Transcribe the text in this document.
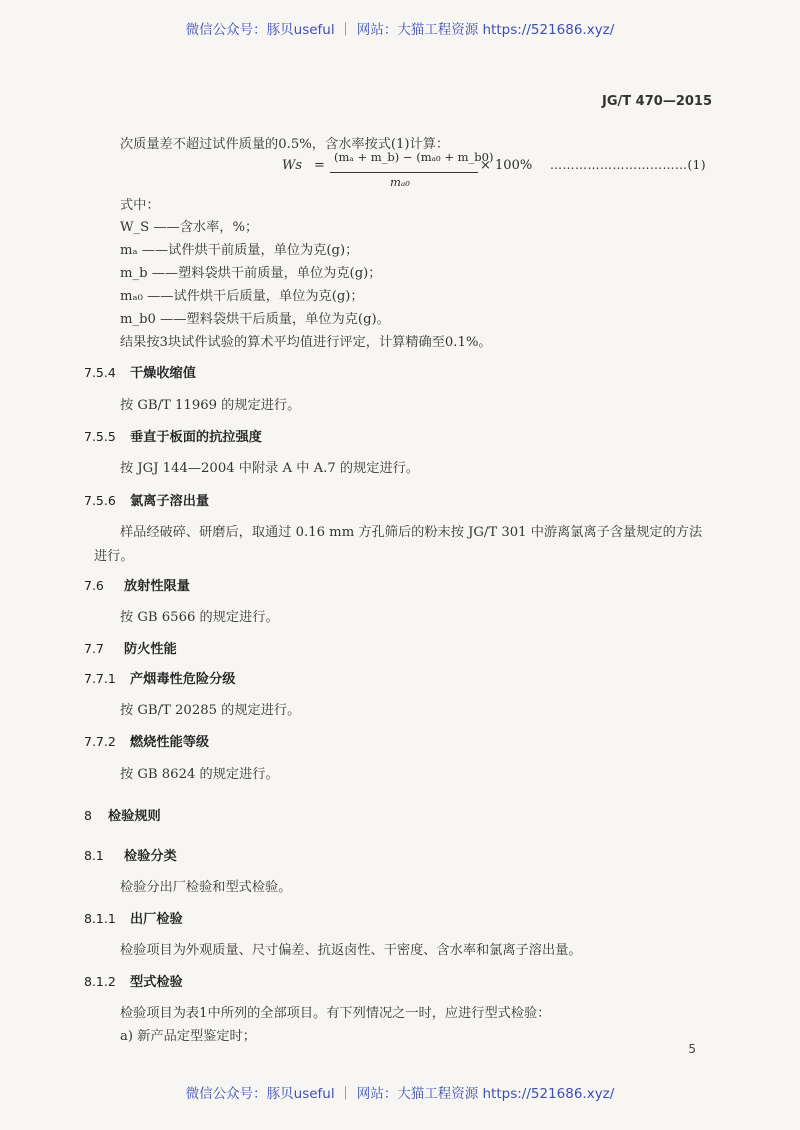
微信公众号：豚贝useful ｜ 网站：大猫工程资源 https://521686.xyz/
JG/T 470—2015
次质量差不超过试件质量的0.5%，含水率按式(1)计算：
Ws =
(mₐ + m_b) − (mₐ₀ + m_b0)
mₐ₀
× 100% ……………………………(1)
式中：
W_S ——含水率，%；
mₐ ——试件烘干前质量，单位为克(g)；
m_b ——塑料袋烘干前质量，单位为克(g)；
mₐ₀ ——试件烘干后质量，单位为克(g)；
m_b0 ——塑料袋烘干后质量，单位为克(g)。
结果按3块试件试验的算术平均值进行评定，计算精确至0.1%。
7.5.4 干燥收缩值
按 GB/T 11969 的规定进行。
7.5.5 垂直于板面的抗拉强度
按 JGJ 144—2004 中附录 A 中 A.7 的规定进行。
7.5.6 氯离子溶出量
样品经破碎、研磨后，取通过 0.16 mm 方孔筛后的粉末按 JG/T 301 中游离氯离子含量规定的方法
进行。
7.6 放射性限量
按 GB 6566 的规定进行。
7.7 防火性能
7.7.1 产烟毒性危险分级
按 GB/T 20285 的规定进行。
7.7.2 燃烧性能等级
按 GB 8624 的规定进行。
8 检验规则
8.1 检验分类
检验分出厂检验和型式检验。
8.1.1 出厂检验
检验项目为外观质量、尺寸偏差、抗返卤性、干密度、含水率和氯离子溶出量。
8.1.2 型式检验
检验项目为表1中所列的全部项目。有下列情况之一时，应进行型式检验：
a) 新产品定型鉴定时；
5
微信公众号：豚贝useful ｜ 网站：大猫工程资源 https://521686.xyz/
